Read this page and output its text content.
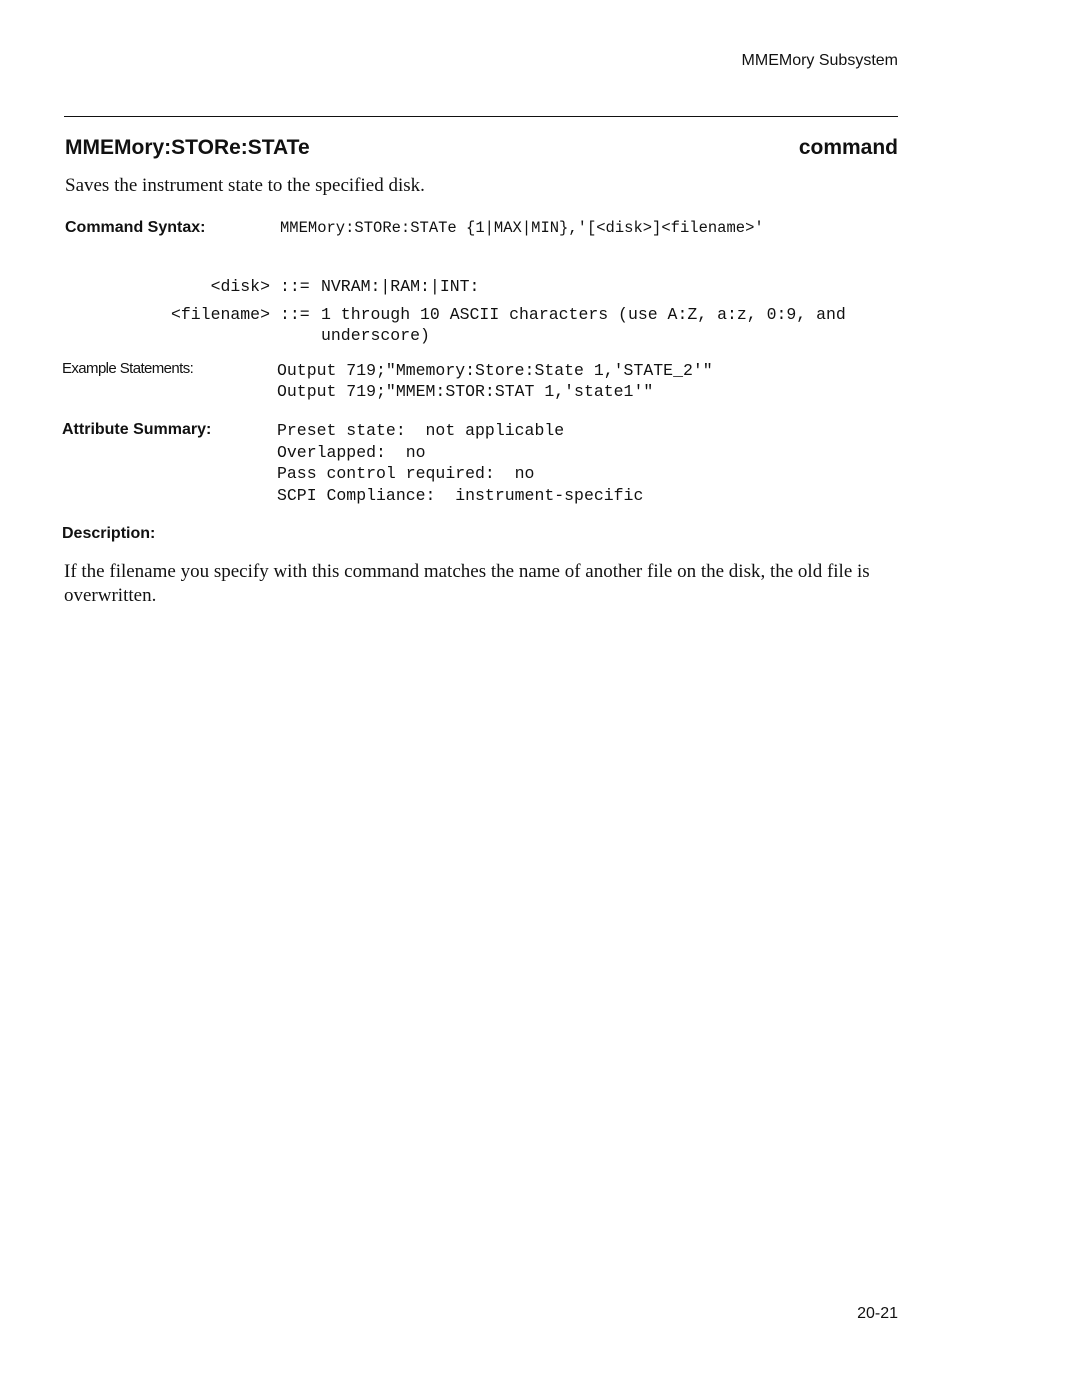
MMEMory Subsystem
MMEMory:STORe:STATe	command
Saves the instrument state to the specified disk.
Command Syntax:	MMEMory:STORe:STATe {1|MAX|MIN},'[<disk>]<filename>'
<disk> ::= NVRAM:|RAM:|INT:
<filename> ::= 1 through 10 ASCII characters (use A:Z, a:z, 0:9, and
underscore)
Example Statements:	Output 719;"Mmemory:Store:State 1,'STATE_2'"
Output 719;"MMEM:STOR:STAT 1,'state1'"
Attribute Summary:	Preset state:  not applicable
Overlapped:  no
Pass control required:  no
SCPI Compliance:  instrument-specific
Description:
If the filename you specify with this command matches the name of another file on the disk, the old file is overwritten.
20-21
